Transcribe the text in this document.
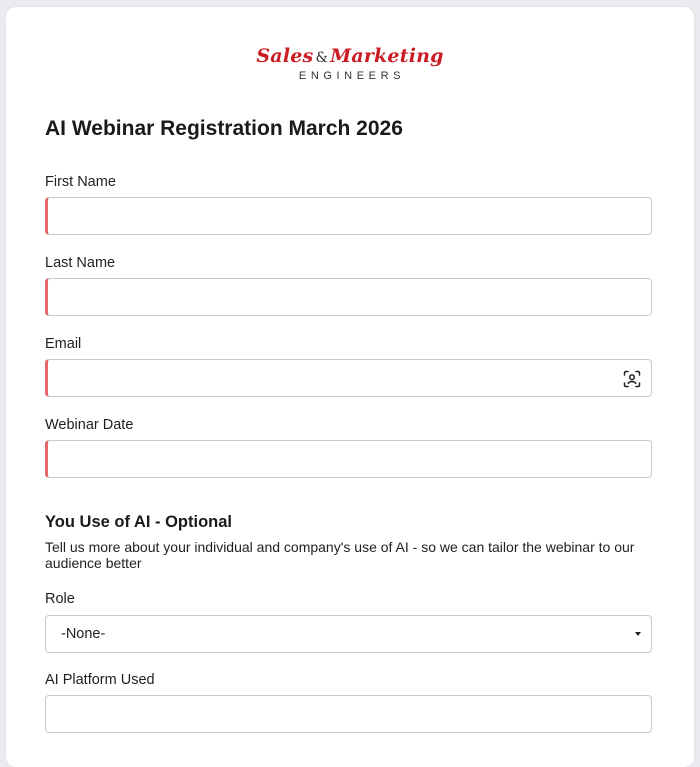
Sales & Marketing
ENGINEERS
AI Webinar Registration March 2026
First Name
Last Name
Email
Webinar Date
You Use of AI - Optional

Tell us more about your individual and company's use of AI - so we can tailor the webinar to our audience better

Role
-None-
AI Platform Used
